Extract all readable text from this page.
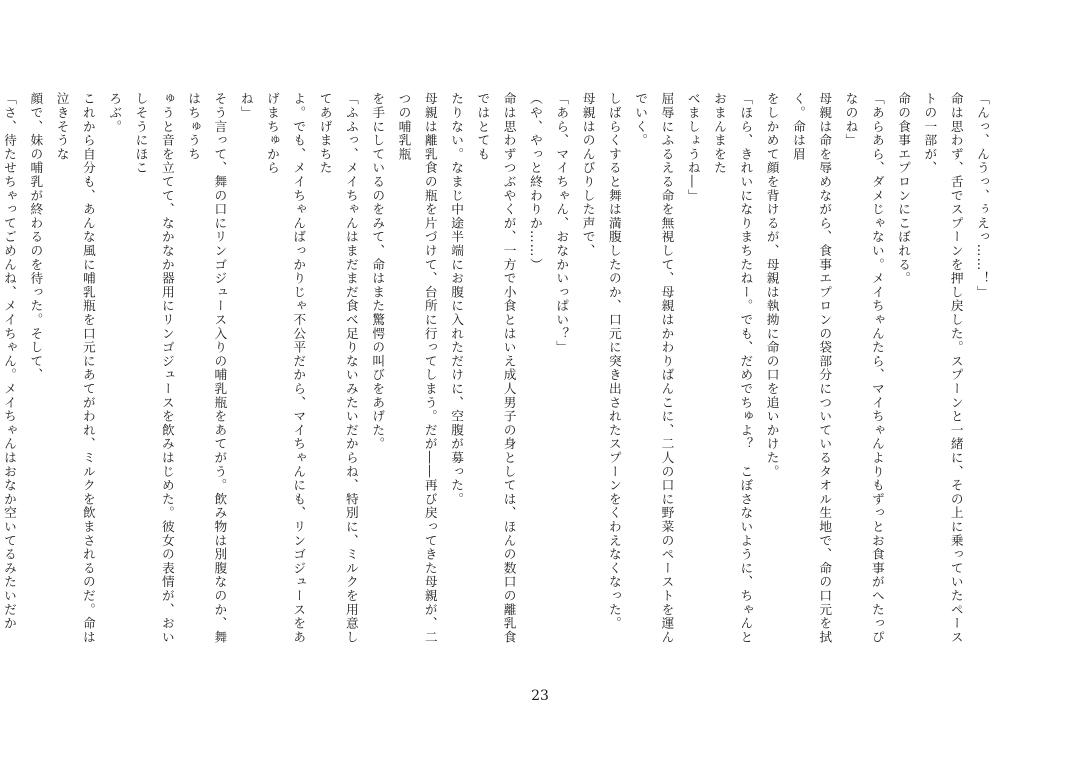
「んっ、んうっ、ぅえっ……！」

命は思わず、舌でスプーンを押し戻した。スプーンと一緒に、その上に乗っていたペーストの一部が、

命の食事エプロンにこぼれる。

「あらあら、ダメじゃない。メイちゃんたら、マイちゃんよりもずっとお食事がへたっぴなのね」

母親は命を辱めながら、食事エプロンの袋部分についているタオル生地で、命の口元を拭く。命は眉

をしかめて顔を背けるが、母親は執拗に命の口を追いかけた。

「ほら、きれいになりまちたねー。でも、だめでちゅよ？　こぼさないように、ちゃんとおまんまをた

べましょうね―」

屈辱にふるえる命を無視して、母親はかわりばんこに、二人の口に野菜のペーストを運んでいく。

しばらくすると舞は満腹したのか、口元に突き出されたスプーンをくわえなくなった。

母親はのんびりした声で、

「あら、マイちゃん、おなかいっぱい？」

（や、やっと終わりか……）

命は思わずつぶやくが、一方で小食とはいえ成人男子の身としては、ほんの数口の離乳食ではとても

たりない。なまじ中途半端にお腹に入れただけに、空腹が募った。

母親は離乳食の瓶を片づけて、台所に行ってしまう。だが――再び戻ってきた母親が、二つの哺乳瓶

を手にしているのをみて、命はまた驚愕の叫びをあげた。

「ふふっ、メイちゃんはまだまだ食べ足りないみたいだからね、特別に、ミルクを用意してあげまちた

よ。でも、メイちゃんばっかりじゃ不公平だから、マイちゃんにも、リンゴジュースをあげまちゅから

ね」

そう言って、舞の口にリンゴジュース入りの哺乳瓶をあてがう。飲み物は別腹なのか、舞はちゅうち

ゅうと音を立てて、なかなか器用にリンゴジュースを飲みはじめた。彼女の表情が、おいしそうにほこ

ろぶ。

これから自分も、あんな風に哺乳瓶を口元にあてがわれ、ミルクを飲まされるのだ。命は泣きそうな

顔で、妹の哺乳が終わるのを待った。そして、

「さ、待たせちゃってごめんね、メイちゃん。メイちゃんはおなか空いてるみたいだか

23
